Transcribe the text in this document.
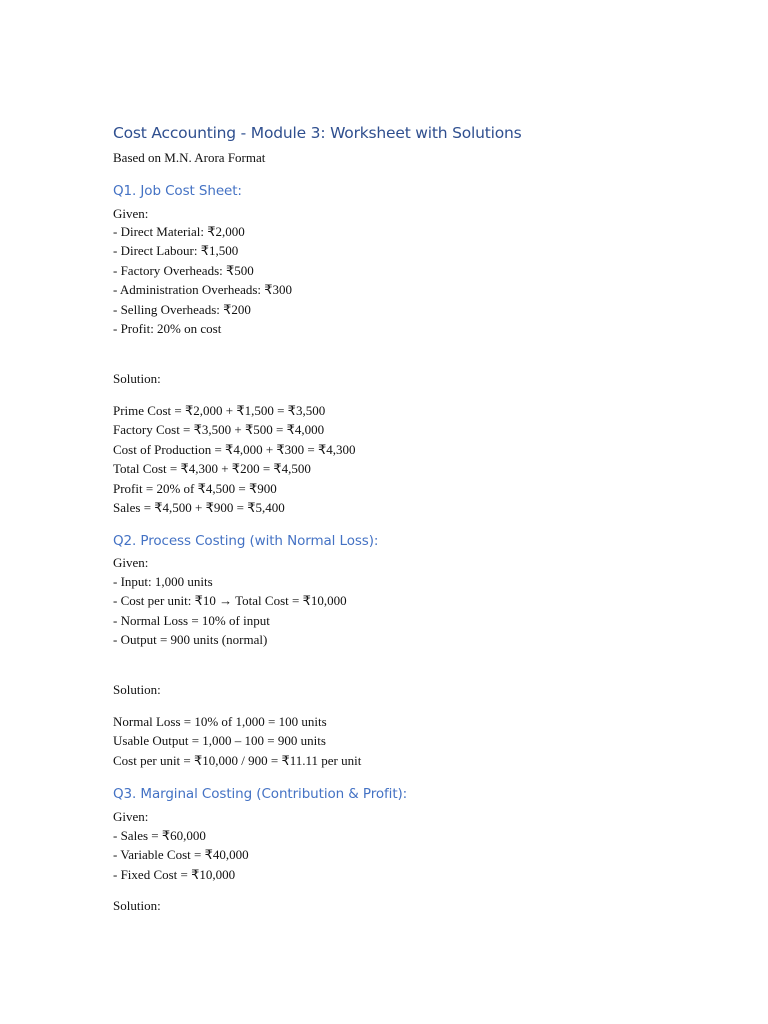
Cost Accounting - Module 3: Worksheet with Solutions

Based on M.N. Arora Format

Q1. Job Cost Sheet:

Given:

- Direct Material: ₹2,000
- Direct Labour: ₹1,500
- Factory Overheads: ₹500
- Administration Overheads: ₹300
- Selling Overheads: ₹200
- Profit: 20% on cost

Solution:

Prime Cost = ₹2,000 + ₹1,500 = ₹3,500
Factory Cost = ₹3,500 + ₹500 = ₹4,000
Cost of Production = ₹4,000 + ₹300 = ₹4,300
Total Cost = ₹4,300 + ₹200 = ₹4,500
Profit = 20% of ₹4,500 = ₹900
Sales = ₹4,500 + ₹900 = ₹5,400
Q2. Process Costing (with Normal Loss):

Given:

- Input: 1,000 units
- Cost per unit: ₹10 → Total Cost = ₹10,000
- Normal Loss = 10% of input
- Output = 900 units (normal)

Solution:

Normal Loss = 10% of 1,000 = 100 units
Usable Output = 1,000 – 100 = 900 units
Cost per unit = ₹10,000 / 900 = ₹11.11 per unit
Q3. Marginal Costing (Contribution & Profit):

Given:

- Sales = ₹60,000
- Variable Cost = ₹40,000
- Fixed Cost = ₹10,000

Solution:
